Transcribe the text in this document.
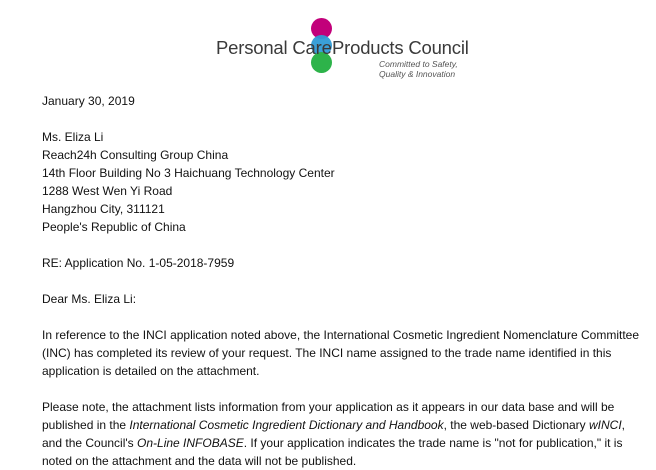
Personal Care Products Council
Committed to Safety,
Quality & Innovation

January 30, 2019

Ms. Eliza Li

Reach24h Consulting Group China

14th Floor Building No 3 Haichuang Technology Center

1288 West Wen Yi Road

Hangzhou City, 311121

People's Republic of China

RE: Application No. 1-05-2018-7959

Dear Ms. Eliza Li:

In reference to the INCI application noted above, the International Cosmetic Ingredient Nomenclature Committee (INC) has completed its review of your request. The INCI name assigned to the trade name identified in this application is detailed on the attachment.

Please note, the attachment lists information from your application as it appears in our data base and will be published in the International Cosmetic Ingredient Dictionary and Handbook, the web-based Dictionary wINCI, and the Council's On-Line INFOBASE. If your application indicates the trade name is "not for publication," it is noted on the attachment and the data will not be published.
